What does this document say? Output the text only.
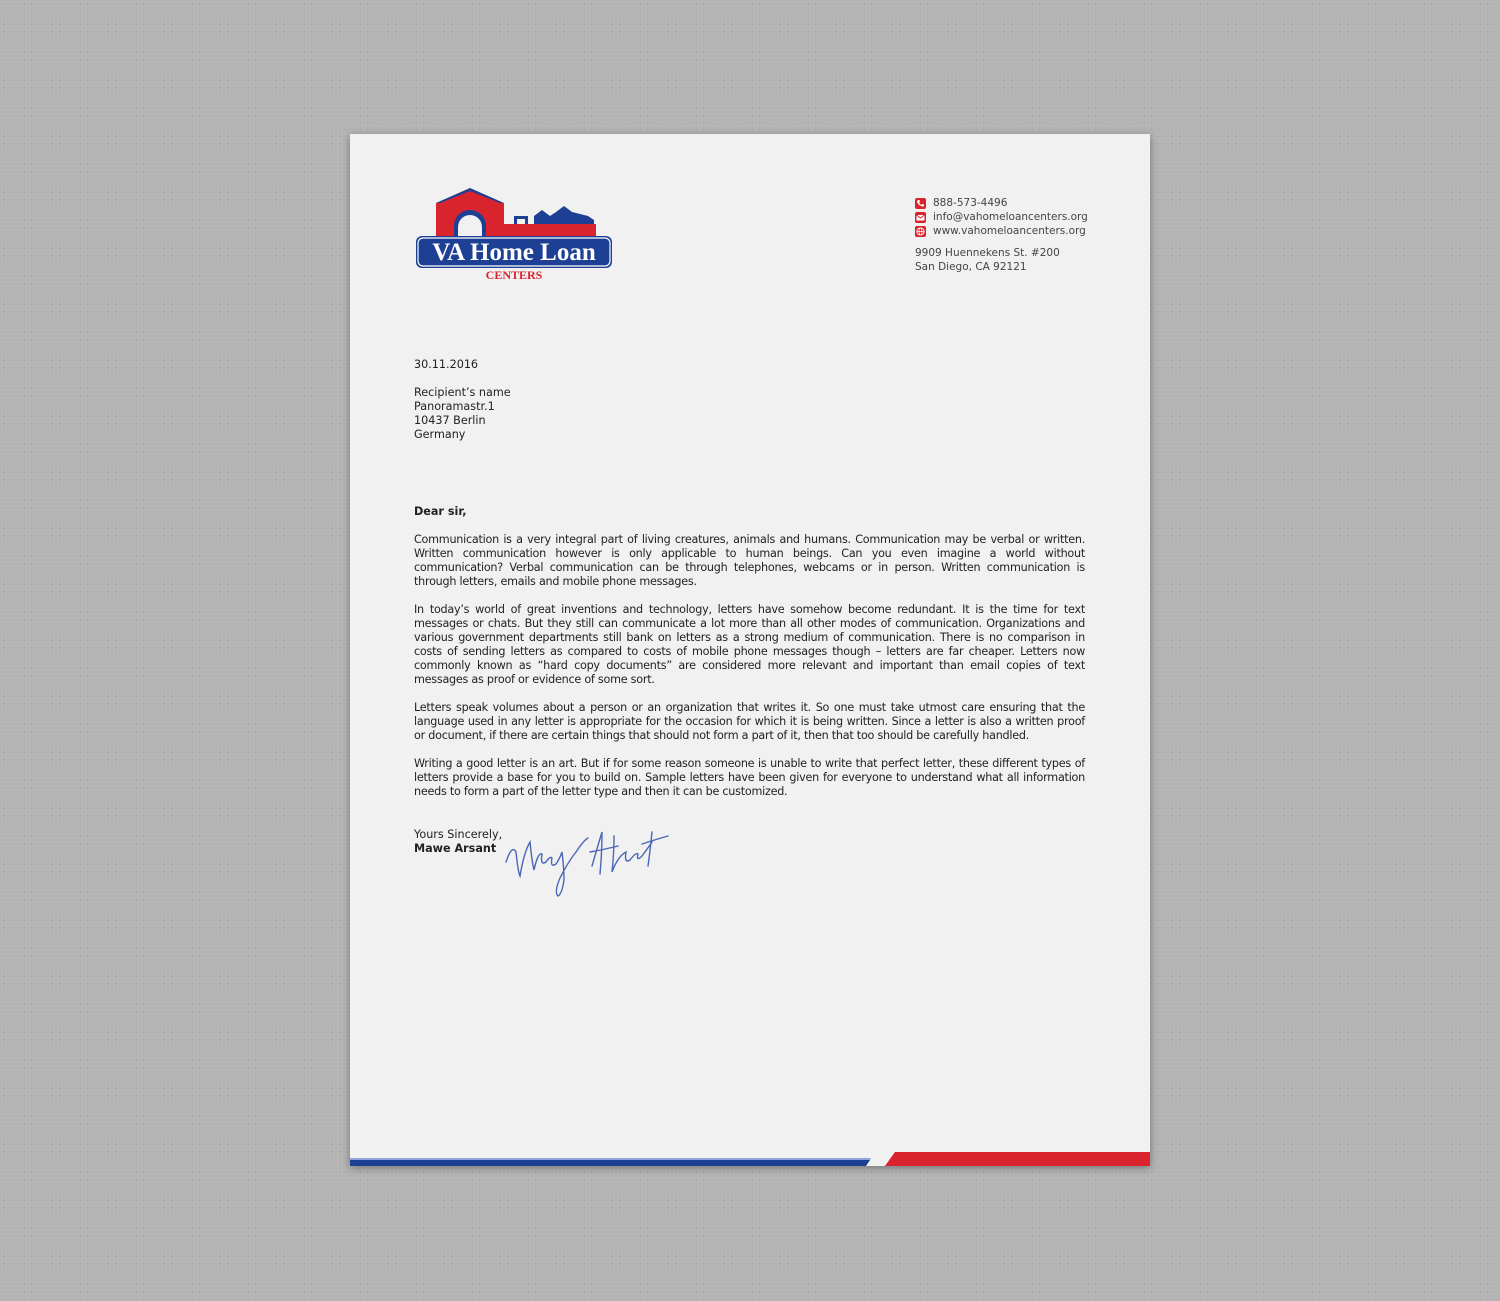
VA Home Loan
CENTERS
888-573-4496
info@vahomeloancenters.org
www.vahomeloancenters.org
9909 Huennekens St. #200
San Diego, CA 92121
30.11.2016
Recipient’s name
Panoramastr.1
10437 Berlin
Germany
Dear sir,
Communication is a very integral part of living creatures, animals and humans. Communication may be verbal or written. Written communication however is only applicable to human beings. Can you even imagine a world without communication? Verbal communication can be through telephones, webcams or in person. Written communication is through letters, emails and mobile phone messages.
In today’s world of great inventions and technology, letters have somehow become redundant. It is the time for text messages or chats. But they still can communicate a lot more than all other modes of communication. Organizations and various government departments still bank on letters as a strong medium of communication. There is no comparison in costs of sending letters as compared to costs of mobile phone messages though – letters are far cheaper. Letters now commonly known as “hard copy documents” are considered more relevant and important than email copies of text messages as proof or evidence of some sort.
Letters speak volumes about a person or an organization that writes it. So one must take utmost care ensuring that the language used in any letter is appropriate for the occasion for which it is being written. Since a letter is also a written proof or document, if there are certain things that should not form a part of it, then that too should be carefully handled.
Writing a good letter is an art. But if for some reason someone is unable to write that perfect letter, these different types of letters provide a base for you to build on. Sample letters have been given for everyone to understand what all information needs to form a part of the letter type and then it can be customized.
Yours Sincerely,
Mawe Arsant
